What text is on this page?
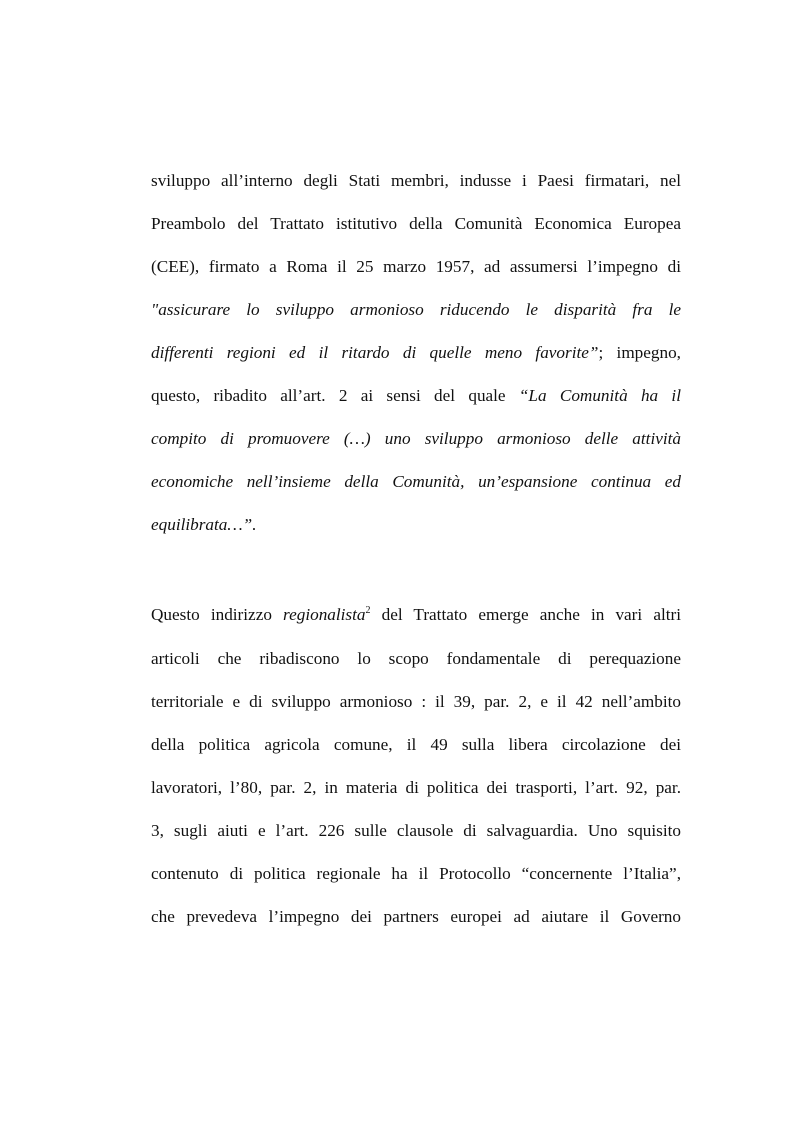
sviluppo all’interno degli Stati membri, indusse i Paesi firmatari, nel
Preambolo del Trattato istitutivo della Comunità Economica Europea
(CEE), firmato a Roma il 25 marzo 1957, ad assumersi l’impegno di
"assicurare lo sviluppo armonioso riducendo le disparità fra le
differenti regioni ed il ritardo di quelle meno favorite”; impegno,
questo, ribadito all’art. 2 ai sensi del quale “La Comunità ha il
compito di promuovere (…) uno sviluppo armonioso delle attività
economiche nell’insieme della Comunità, un’espansione continua ed
equilibrata…”.
Questo indirizzo regionalista$^2$ del Trattato emerge anche in vari altri
articoli che ribadiscono lo scopo fondamentale di perequazione
territoriale e di sviluppo armonioso : il 39, par. 2, e il 42 nell’ambito
della politica agricola comune, il 49 sulla libera circolazione dei
lavoratori, l’80, par. 2, in materia di politica dei trasporti, l’art. 92, par.
3, sugli aiuti e l’art. 226 sulle clausole di salvaguardia. Uno squisito
contenuto di politica regionale ha il Protocollo “concernente l’Italia”,
che prevedeva l’impegno dei partners europei ad aiutare il Governo
